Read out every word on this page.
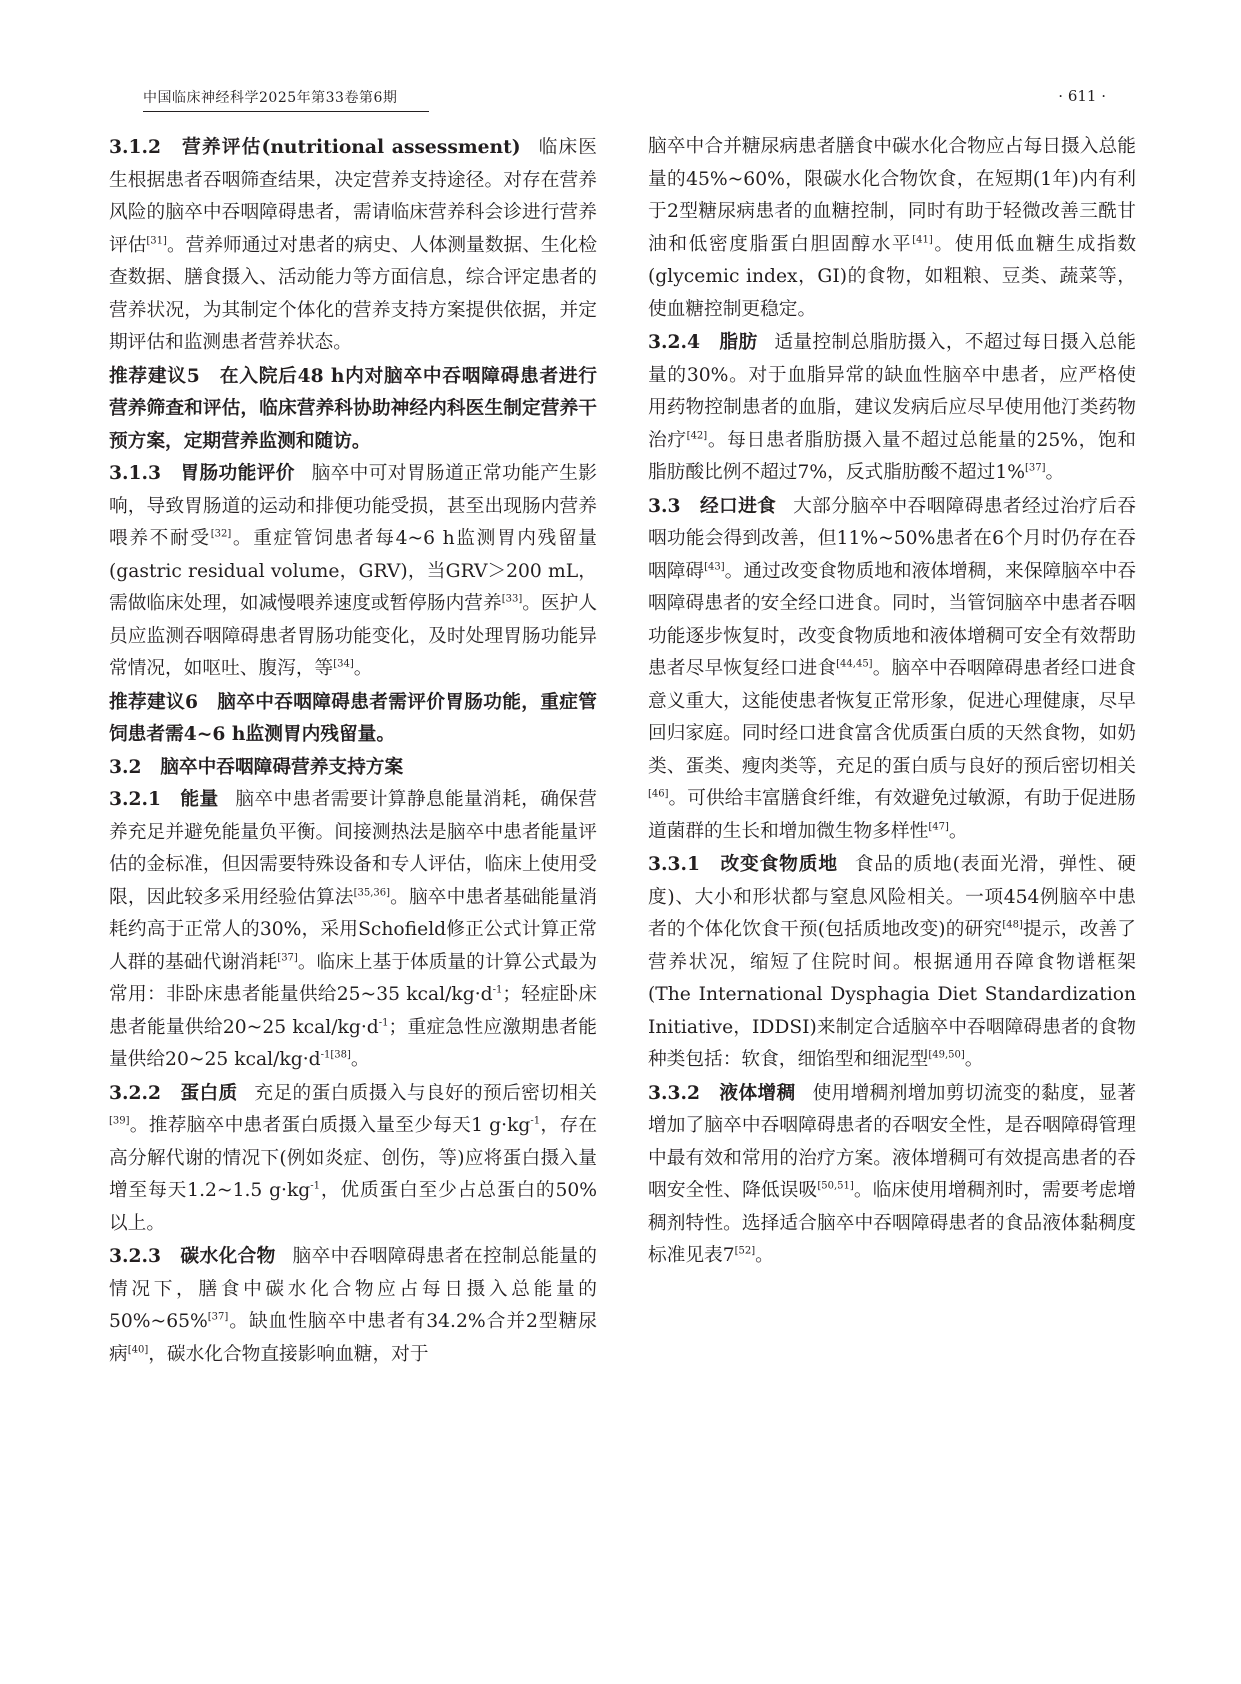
中国临床神经科学2025年第33卷第6期	· 611 ·

3.1.2　营养评估(nutritional assessment) 临床医生根据患者吞咽筛查结果，决定营养支持途径。对存在营养风险的脑卒中吞咽障碍患者，需请临床营养科会诊进行营养评估[31]。营养师通过对患者的病史、人体测量数据、生化检查数据、膳食摄入、活动能力等方面信息，综合评定患者的营养状况，为其制定个体化的营养支持方案提供依据，并定期评估和监测患者营养状态。

推荐建议5　在入院后48 h内对脑卒中吞咽障碍患者进行营养筛查和评估，临床营养科协助神经内科医生制定营养干预方案，定期营养监测和随访。

3.1.3　胃肠功能评价 脑卒中可对胃肠道正常功能产生影响，导致胃肠道的运动和排便功能受损，甚至出现肠内营养喂养不耐受[32]。重症管饲患者每4~6 h监测胃内残留量(gastric residual volume，GRV)，当GRV＞200 mL，需做临床处理，如减慢喂养速度或暂停肠内营养[33]。医护人员应监测吞咽障碍患者胃肠功能变化，及时处理胃肠功能异常情况，如呕吐、腹泻，等[34]。

推荐建议6　脑卒中吞咽障碍患者需评价胃肠功能，重症管饲患者需4~6 h监测胃内残留量。

3.2　脑卒中吞咽障碍营养支持方案

3.2.1　能量 脑卒中患者需要计算静息能量消耗，确保营养充足并避免能量负平衡。间接测热法是脑卒中患者能量评估的金标准，但因需要特殊设备和专人评估，临床上使用受限，因此较多采用经验估算法[35,36]。脑卒中患者基础能量消耗约高于正常人的30%，采用Schofield修正公式计算正常人群的基础代谢消耗[37]。临床上基于体质量的计算公式最为常用：非卧床患者能量供给25~35 kcal/$kg\cdot d^{-1}$；轻症卧床患者能量供给20~25 kcal/$kg\cdot d^{-1}$；重症急性应激期患者能量供给20~25 kcal/$kg\cdot d^{-1[38]}$。

3.2.2　蛋白质 充足的蛋白质摄入与良好的预后密切相关[39]。推荐脑卒中患者蛋白质摄入量至少每天1 $g\cdot kg^{-1}$，存在高分解代谢的情况下(例如炎症、创伤，等)应将蛋白摄入量增至每天1.2~1.5 $g\cdot kg^{-1}$，优质蛋白至少占总蛋白的50%以上。

3.2.3　碳水化合物 脑卒中吞咽障碍患者在控制总能量的情况下，膳食中碳水化合物应占每日摄入总能量的50%~65%[37]。缺血性脑卒中患者有34.2%合并2型糖尿病[40]，碳水化合物直接影响血糖，对于

脑卒中合并糖尿病患者膳食中碳水化合物应占每日摄入总能量的45%~60%，限碳水化合物饮食，在短期(1年)内有利于2型糖尿病患者的血糖控制，同时有助于轻微改善三酰甘油和低密度脂蛋白胆固醇水平[41]。使用低血糖生成指数(glycemic index，GI)的食物，如粗粮、豆类、蔬菜等，使血糖控制更稳定。

3.2.4　脂肪 适量控制总脂肪摄入，不超过每日摄入总能量的30%。对于血脂异常的缺血性脑卒中患者，应严格使用药物控制患者的血脂，建议发病后应尽早使用他汀类药物治疗[42]。每日患者脂肪摄入量不超过总能量的25%，饱和脂肪酸比例不超过7%，反式脂肪酸不超过1%[37]。

3.3　经口进食 大部分脑卒中吞咽障碍患者经过治疗后吞咽功能会得到改善，但11%~50%患者在6个月时仍存在吞咽障碍[43]。通过改变食物质地和液体增稠，来保障脑卒中吞咽障碍患者的安全经口进食。同时，当管饲脑卒中患者吞咽功能逐步恢复时，改变食物质地和液体增稠可安全有效帮助患者尽早恢复经口进食[44,45]。脑卒中吞咽障碍患者经口进食意义重大，这能使患者恢复正常形象，促进心理健康，尽早回归家庭。同时经口进食富含优质蛋白质的天然食物，如奶类、蛋类、瘦肉类等，充足的蛋白质与良好的预后密切相关[46]。可供给丰富膳食纤维，有效避免过敏源，有助于促进肠道菌群的生长和增加微生物多样性[47]。

3.3.1　改变食物质地 食品的质地(表面光滑，弹性、硬度)、大小和形状都与窒息风险相关。一项454例脑卒中患者的个体化饮食干预(包括质地改变)的研究[48]提示，改善了营养状况，缩短了住院时间。根据通用吞障食物谱框架(The International Dysphagia Diet Standardization Initiative，IDDSI)来制定合适脑卒中吞咽障碍患者的食物种类包括：软食，细馅型和细泥型[49,50]。

3.3.2　液体增稠 使用增稠剂增加剪切流变的黏度，显著增加了脑卒中吞咽障碍患者的吞咽安全性，是吞咽障碍管理中最有效和常用的治疗方案。液体增稠可有效提高患者的吞咽安全性、降低误吸[50,51]。临床使用增稠剂时，需要考虑增稠剂特性。选择适合脑卒中吞咽障碍患者的食品液体黏稠度标准见表7[52]。
